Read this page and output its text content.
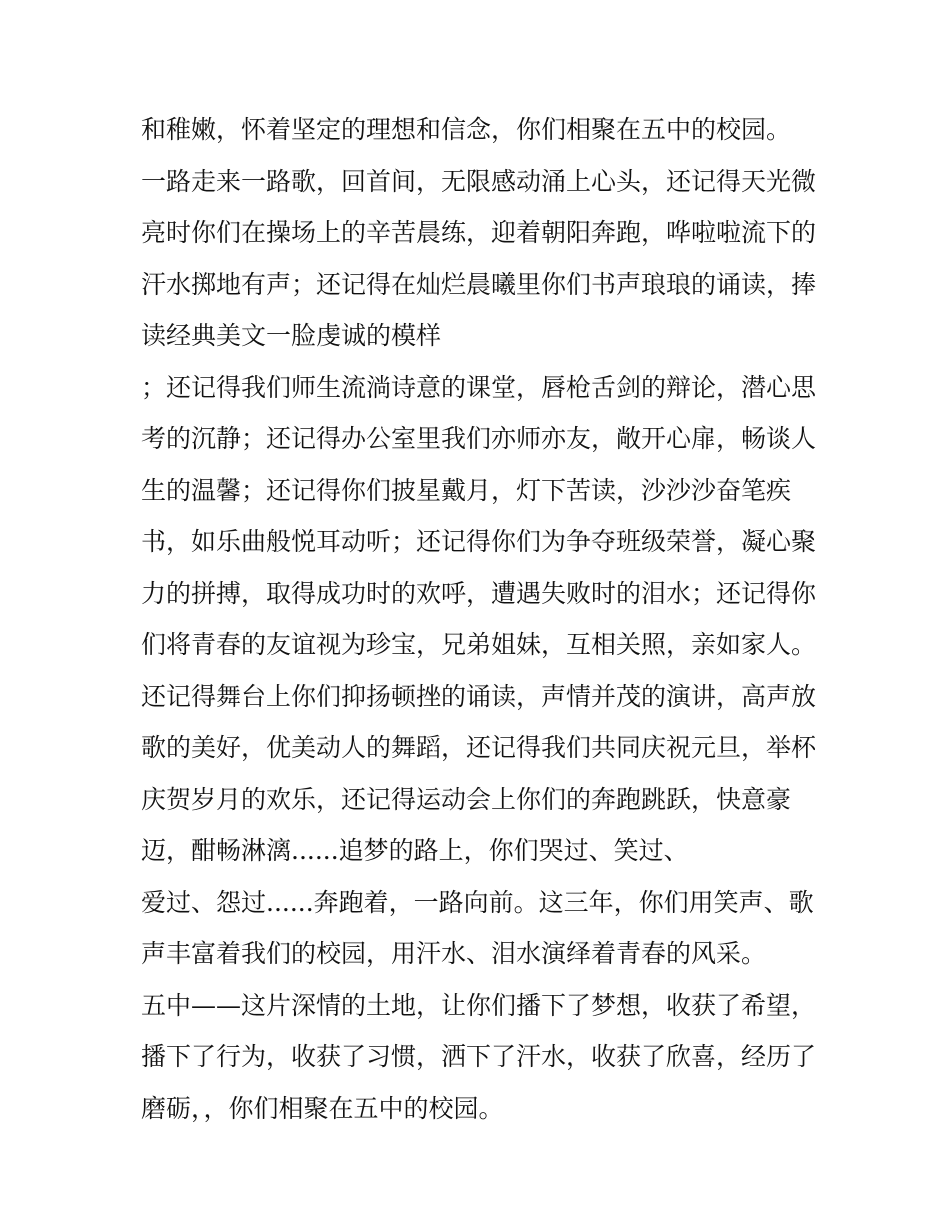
和稚嫩，怀着坚定的理想和信念，你们相聚在五中的校园。
一路走来一路歌，回首间，无限感动涌上心头，还记得天光微
亮时你们在操场上的辛苦晨练，迎着朝阳奔跑，哗啦啦流下的
汗水掷地有声；还记得在灿烂晨曦里你们书声琅琅的诵读，捧
读经典美文一脸虔诚的模样
；还记得我们师生流淌诗意的课堂，唇枪舌剑的辩论，潜心思
考的沉静；还记得办公室里我们亦师亦友，敞开心扉，畅谈人
生的温馨；还记得你们披星戴月，灯下苦读，沙沙沙奋笔疾
书，如乐曲般悦耳动听；还记得你们为争夺班级荣誉，凝心聚
力的拼搏，取得成功时的欢呼，遭遇失败时的泪水；还记得你
们将青春的友谊视为珍宝，兄弟姐妹，互相关照，亲如家人。
还记得舞台上你们抑扬顿挫的诵读，声情并茂的演讲，高声放
歌的美好，优美动人的舞蹈，还记得我们共同庆祝元旦，举杯
庆贺岁月的欢乐，还记得运动会上你们的奔跑跳跃，快意豪
迈，酣畅淋漓......追梦的路上，你们哭过、笑过、
爱过、怨过......奔跑着，一路向前。这三年，你们用笑声、歌
声丰富着我们的校园，用汗水、泪水演绎着青春的风采。
五中——这片深情的土地，让你们播下了梦想，收获了希望，
播下了行为，收获了习惯，洒下了汗水，收获了欣喜，经历了
磨砺，，你们相聚在五中的校园。
